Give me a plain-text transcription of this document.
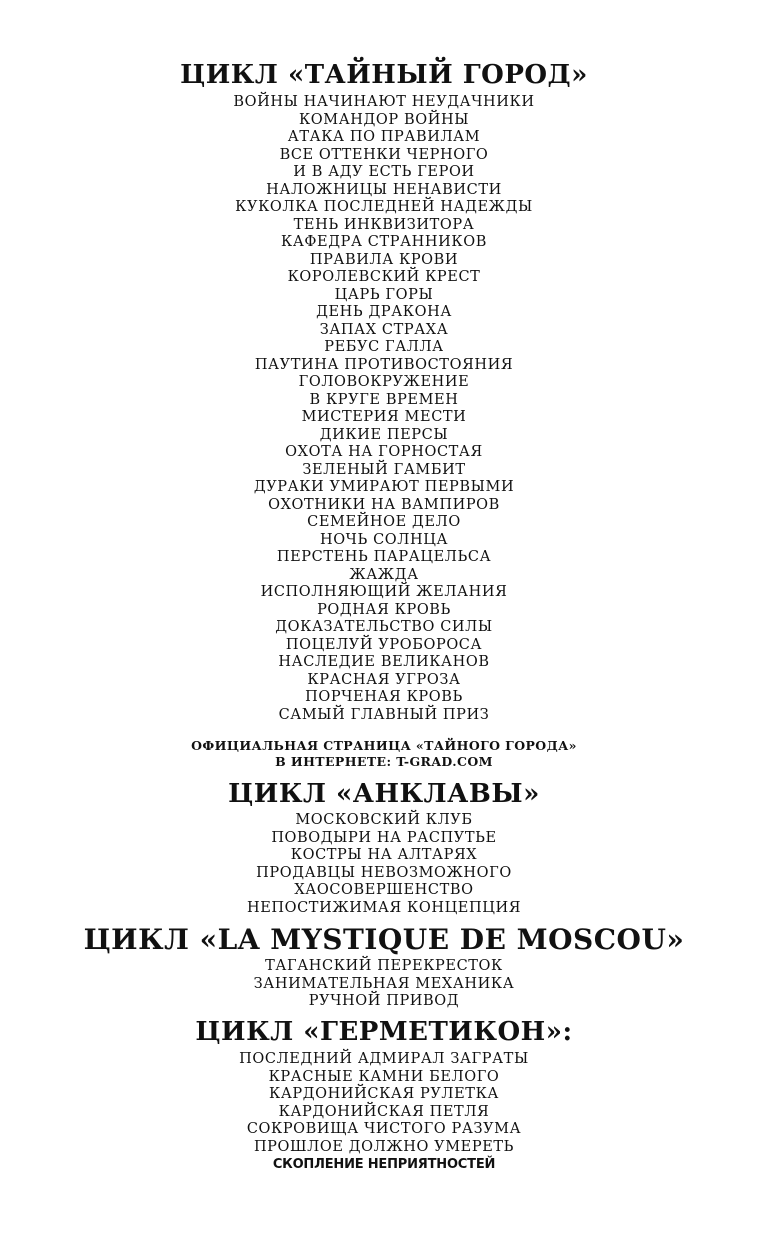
ЦИКЛ «ТАЙНЫЙ ГОРОД»
ВОЙНЫ НАЧИНАЮТ НЕУДАЧНИКИ
КОМАНДОР ВОЙНЫ
АТАКА ПО ПРАВИЛАМ
ВСЕ ОТТЕНКИ ЧЕРНОГО
И В АДУ ЕСТЬ ГЕРОИ
НАЛОЖНИЦЫ НЕНАВИСТИ
КУКОЛКА ПОСЛЕДНЕЙ НАДЕЖДЫ
ТЕНЬ ИНКВИЗИТОРА
КАФЕДРА СТРАННИКОВ
ПРАВИЛА КРОВИ
КОРОЛЕВСКИЙ КРЕСТ
ЦАРЬ ГОРЫ
ДЕНЬ ДРАКОНА
ЗАПАХ СТРАХА
РЕБУС ГАЛЛА
ПАУТИНА ПРОТИВОСТОЯНИЯ
ГОЛОВОКРУЖЕНИЕ
В КРУГЕ ВРЕМЕН
МИСТЕРИЯ МЕСТИ
ДИКИЕ ПЕРСЫ
ОХОТА НА ГОРНОСТАЯ
ЗЕЛЕНЫЙ ГАМБИТ
ДУРАКИ УМИРАЮТ ПЕРВЫМИ
ОХОТНИКИ НА ВАМПИРОВ
СЕМЕЙНОЕ ДЕЛО
НОЧЬ СОЛНЦА
ПЕРСТЕНЬ ПАРАЦЕЛЬСА
ЖАЖДА
ИСПОЛНЯЮЩИЙ ЖЕЛАНИЯ
РОДНАЯ КРОВЬ
ДОКАЗАТЕЛЬСТВО СИЛЫ
ПОЦЕЛУЙ УРОБОРОСА
НАСЛЕДИЕ ВЕЛИКАНОВ
КРАСНАЯ УГРОЗА
ПОРЧЕНАЯ КРОВЬ
САМЫЙ ГЛАВНЫЙ ПРИЗ
ОФИЦИАЛЬНАЯ СТРАНИЦА «ТАЙНОГО ГОРОДА»
В ИНТЕРНЕТЕ: T-GRAD.COM
ЦИКЛ «АНКЛАВЫ»
МОСКОВСКИЙ КЛУБ
ПОВОДЫРИ НА РАСПУТЬЕ
КОСТРЫ НА АЛТАРЯХ
ПРОДАВЦЫ НЕВОЗМОЖНОГО
ХАОСОВЕРШЕНСТВО
НЕПОСТИЖИМАЯ КОНЦЕПЦИЯ
ЦИКЛ «LA MYSTIQUE DE MOSCOU»
ТАГАНСКИЙ ПЕРЕКРЕСТОК
ЗАНИМАТЕЛЬНАЯ МЕХАНИКА
РУЧНОЙ ПРИВОД
ЦИКЛ «ГЕРМЕТИКОН»:
ПОСЛЕДНИЙ АДМИРАЛ ЗАГРАТЫ
КРАСНЫЕ КАМНИ БЕЛОГО
КАРДОНИЙСКАЯ РУЛЕТКА
КАРДОНИЙСКАЯ ПЕТЛЯ
СОКРОВИЩА ЧИСТОГО РАЗУМА
ПРОШЛОЕ ДОЛЖНО УМЕРЕТЬ
СКОПЛЕНИЕ НЕПРИЯТНОСТЕЙ
